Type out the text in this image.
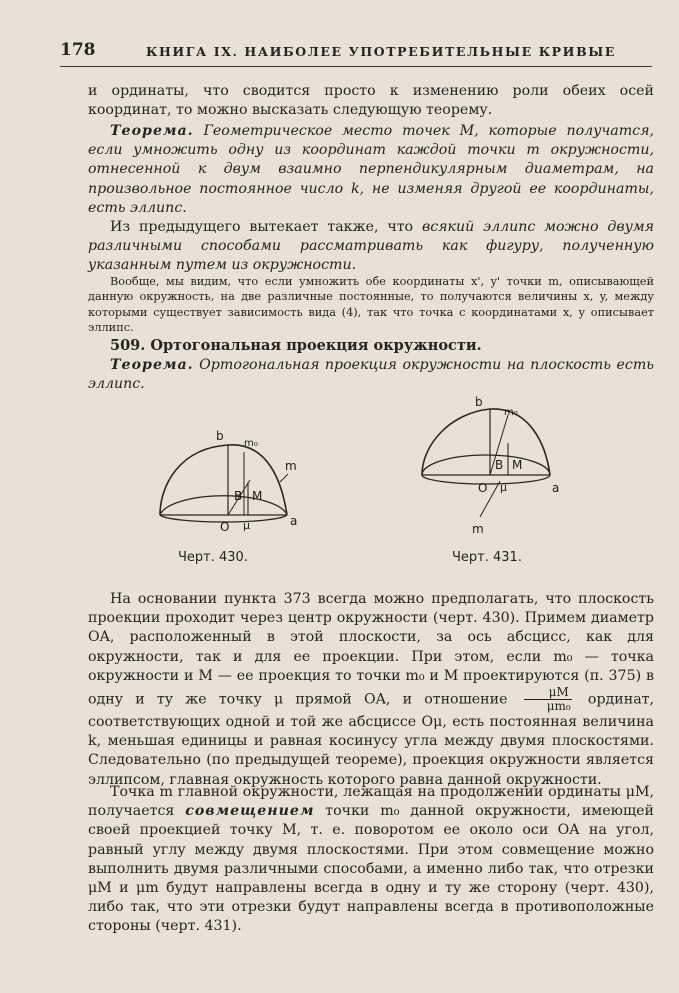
178	КНИГА IX. НАИБОЛЕЕ УПОТРЕБИТЕЛЬНЫЕ КРИВЫЕ

и ординаты, что сводится просто к изменению роли обеих осей координат, то можно высказать следующую теорему.

Теорема. Геометрическое место точек M, которые получатся, если умножить одну из координат каждой точки m окружности, отнесенной к двум взаимно перпендикулярным диаметрам, на произвольное постоянное число k, не изменяя другой ее координаты, есть эллипс.

Из предыдущего вытекает также, что всякий эллипс можно двумя различными способами рассматривать как фигуру, полученную указанным путем из окружности.

Вообще, мы видим, что если умножить обе координаты x', y' точки m, описывающей данную окружность, на две различные постоянные, то получаются величины x, y, между которыми существует зависимость вида (4), так что точка с координатами x, y описывает эллипс.

509. Ортогональная проекция окружности.

Теорема. Ортогональная проекция окружности на плоскость есть эллипс.

b
m₀
m
B M
O μ	a
b
m₀
B M
O μ	a
m
Черт. 430.	Черт. 431.

На основании пункта 373 всегда можно предполагать, что плоскость проекции проходит через центр окружности (черт. 430). Примем диаметр OA, расположенный в этой плоскости, за ось абсцисс, как для окружности, так и для ее проекции. При этом, если m₀ — точка окружности и M — ее проекция то точки m₀ и M проектируются (п. 375) в одну и ту же точку μ прямой OA, и отношение $\frac{\mu M}{\text{μm₀}}$ ординат, соответствующих одной и той же абсциссе Oμ, есть постоянная величина k, меньшая единицы и равная косинусу угла между двумя плоскостями. Следовательно (по предыдущей теореме), проекция окружности является эллипсом, главная окружность которого равна данной окружности.

Точка m главной окружности, лежащая на продолжении ординаты μM, получается совмещением точки m₀ данной окружности, имеющей своей проекцией точку M, т. е. поворотом ее около оси OA на угол, равный углу между двумя плоскостями. При этом совмещение можно выполнить двумя различными способами, а именно либо так, что отрезки μM и μm будут направлены всегда в одну и ту же сторону (черт. 430), либо так, что эти отрезки будут направлены всегда в противоположные стороны (черт. 431).
